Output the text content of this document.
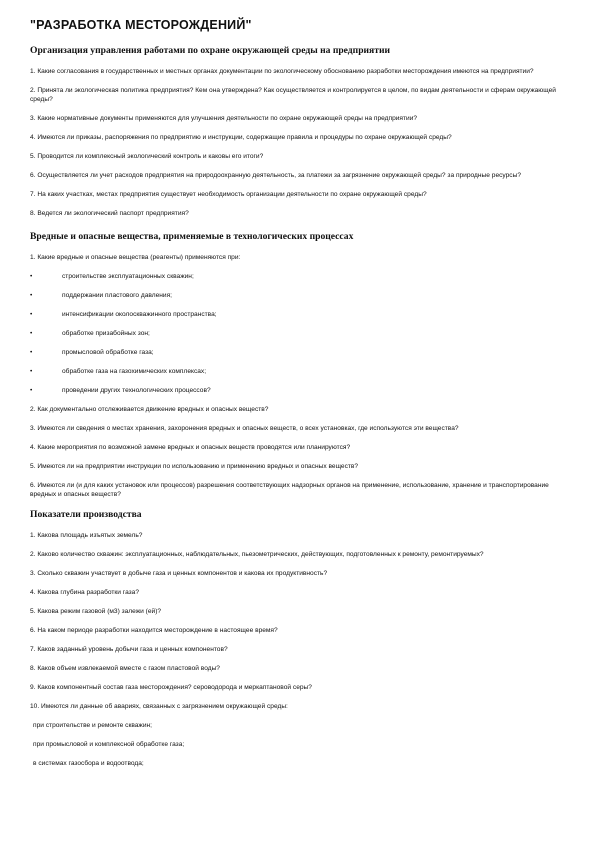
"РАЗРАБОТКА МЕСТОРОЖДЕНИЙ"
Организация управления работами по охране окружающей среды на предприятии
1. Какие согласования в государственных и местных органах документации по экологическому обоснованию разработки месторождения имеются на предприятии?
2. Принята ли экологическая политика предприятия? Кем она утверждена? Как осуществляется и контролируется в целом, по видам деятельности и сферам окружающей среды?
3. Какие нормативные документы применяются для улучшения деятельности по охране окружающей среды на предприятии?
4. Имеются ли приказы, распоряжения по предприятию и инструкции, содержащие правила и процедуры по охране окружающей среды?
5. Проводится ли комплексный экологический контроль и каковы его итоги?
6. Осуществляется ли учет расходов предприятия на природоохранную деятельность, за платежи за загрязнение окружающей среды? за природные ресурсы?
7. На каких участках, местах предприятия существует необходимость организации деятельности по охране окружающей среды?
8. Ведется ли экологический паспорт предприятия?
Вредные и опасные вещества, применяемые в технологических процессах
1. Какие вредные и опасные вещества (реагенты) применяются при:
•	строительстве эксплуатационных скважин;
•	поддержании пластового давления;
•	интенсификации околоскважинного пространства;
•	обработке призабойных зон;
•	промысловой обработке газа;
•	обработке газа на газохимических комплексах;
•	проведении других технологических процессов?
2. Как документально отслеживается движение вредных и опасных веществ?
3. Имеются ли сведения о местах хранения, захоронения вредных и опасных веществ, о всех установках, где используются эти вещества?
4. Какие мероприятия по возможной замене вредных и опасных веществ проводятся или планируются?
5. Имеются ли на предприятии инструкции по использованию и применению вредных и опасных веществ?
6. Имеются ли (и для каких установок или процессов) разрешения соответствующих надзорных органов на применение, использование, хранение и транспортирование вредных и опасных веществ?
Показатели производства
1. Какова площадь изъятых земель?
2. Каково количество скважин: эксплуатационных, наблюдательных, пьезометрических, действующих, подготовленных к ремонту, ремонтируемых?
3. Сколько скважин участвует в добыче газа и ценных компонентов и какова их продуктивность?
4. Какова глубина разработки газа?
5. Какова режим газовой (м3) залежи (ей)?
6. На каком периоде разработки находится месторождение в настоящее время?
7. Каков заданный уровень добычи газа и ценных компонентов?
8. Каков объем извлекаемой вместе с газом пластовой воды?
9. Каков компонентный состав газа месторождения? сероводорода и меркаптановой серы?
10. Имеются ли данные об авариях, связанных с загрязнением окружающей среды:
при строительстве и ремонте скважин;
при промысловой и комплексной обработке газа;
в системах газосбора и водоотвода;
